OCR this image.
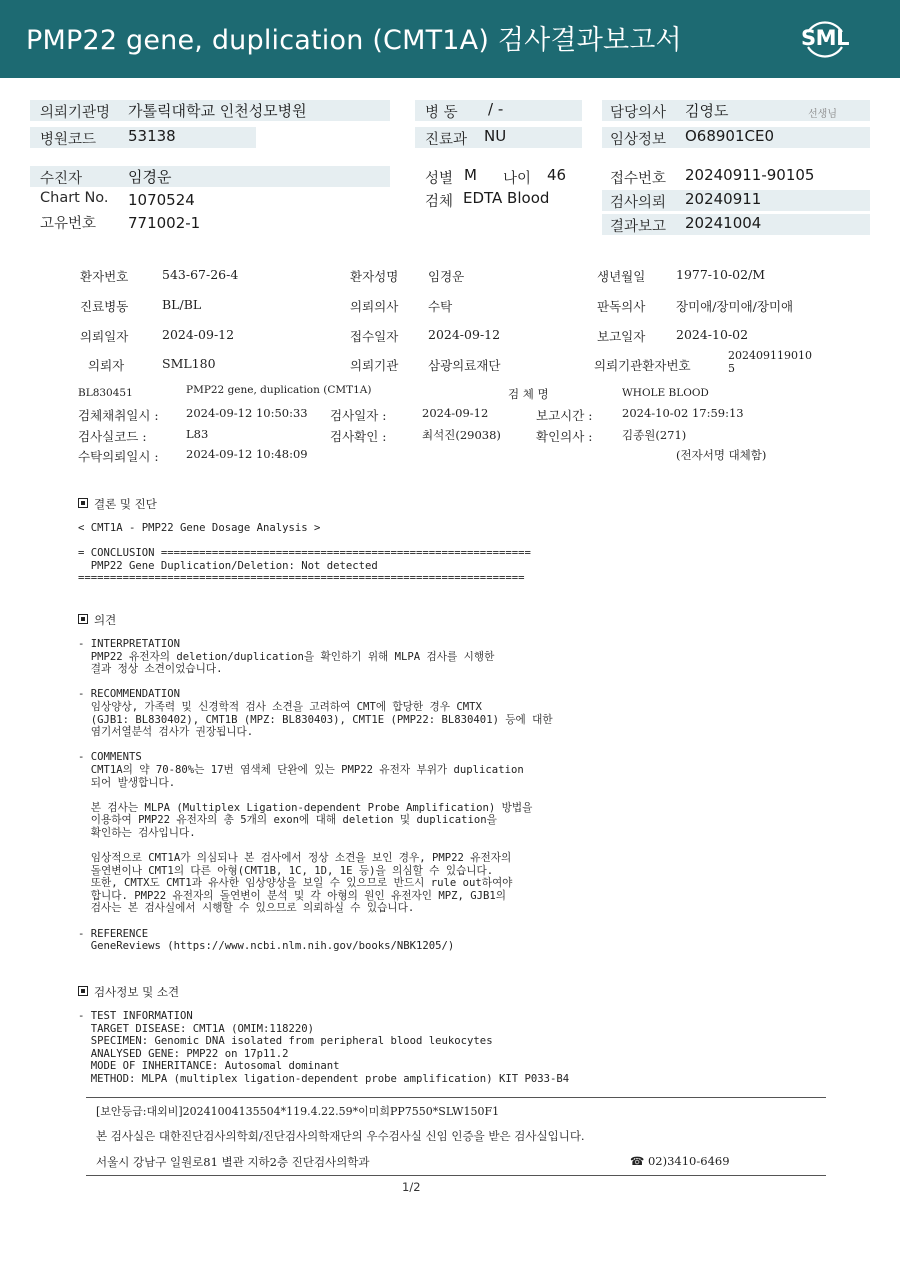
PMP22 gene, duplication (CMT1A) 검사결과보고서	SML
의뢰기관명 가톨릭대학교 인천성모병원	병 동 / -	담당의사 김영도	선생님
병원코드 53138	진료과 NU	임상정보 O68901CE0
수진자	임경운	성별 M 나이 46	접수번호 20240911-90105
Chart No. 1070524	검체 EDTA Blood	검사의뢰 20240911
고유번호 771002-1	결과보고 20241004
환자번호	543-67-26-4	환자성명 임경운	생년월일 1977-10-02/M
진료병동	BL/BL	의뢰의사 수탁	판독의사 장미애/장미애/장미애
의뢰일자	2024-09-12	접수일자 2024-09-12	보고일자 2024-10-02
의뢰자	SML180	의뢰기관 삼광의료재단	의뢰기관환자번호
202409119010
5
BL830451	PMP22 gene, duplication (CMT1A)	검 체 명	WHOLE BLOOD
검체채취일시 : 2024-09-12 10:50:33 검사일자 :	2024-09-12	보고시간 :	2024-10-02 17:59:13
검사실코드 :	L83	검사확인 :	최석진(29038)	확인의사 :	김종원(271)
수탁의뢰일시 : 2024-09-12 10:48:09	(전자서명 대체함)
결론 및 진단
< CMT1A - PMP22 Gene Dosage Analysis >

= CONCLUSION ==========================================================
PMP22 Gene Duplication/Deletion: Not detected
======================================================================
의견
- INTERPRETATION
PMP22 유전자의 deletion/duplication을 확인하기 위해 MLPA 검사를 시행한
결과 정상 소견이었습니다.

- RECOMMENDATION
임상양상, 가족력 및 신경학적 검사 소견을 고려하여 CMT에 합당한 경우 CMTX
(GJB1: BL830402), CMT1B (MPZ: BL830403), CMT1E (PMP22: BL830401) 등에 대한
염기서열분석 검사가 권장됩니다.

- COMMENTS
CMT1A의 약 70-80%는 17번 염색체 단완에 있는 PMP22 유전자 부위가 duplication
되어 발생합니다.

본 검사는 MLPA (Multiplex Ligation-dependent Probe Amplification) 방법을
이용하여 PMP22 유전자의 총 5개의 exon에 대해 deletion 및 duplication을
확인하는 검사입니다.

임상적으로 CMT1A가 의심되나 본 검사에서 정상 소견을 보인 경우, PMP22 유전자의
돌연변이나 CMT1의 다른 아형(CMT1B, 1C, 1D, 1E 등)을 의심할 수 있습니다.
또한, CMTX도 CMT1과 유사한 임상양상을 보일 수 있으므로 반드시 rule out하여야
합니다. PMP22 유전자의 돌연변이 분석 및 각 아형의 원인 유전자인 MPZ, GJB1의
검사는 본 검사실에서 시행할 수 있으므로 의뢰하실 수 있습니다.

- REFERENCE
GeneReviews (https://www.ncbi.nlm.nih.gov/books/NBK1205/)
검사정보 및 소견
- TEST INFORMATION
TARGET DISEASE: CMT1A (OMIM:118220)
SPECIMEN: Genomic DNA isolated from peripheral blood leukocytes
ANALYSED GENE: PMP22 on 17p11.2
MODE OF INHERITANCE: Autosomal dominant
METHOD: MLPA (multiplex ligation-dependent probe amplification) KIT P033-B4
[보안등급:대외비]20241004135504*119.4.22.59*이미희PP7550*SLW150F1
본 검사실은 대한진단검사의학회/진단검사의학재단의 우수검사실 신임 인증을 받은 검사실입니다.
서울시 강남구 일원로81 별관 지하2층 진단검사의학과	☎ 02)3410-6469
1/2
